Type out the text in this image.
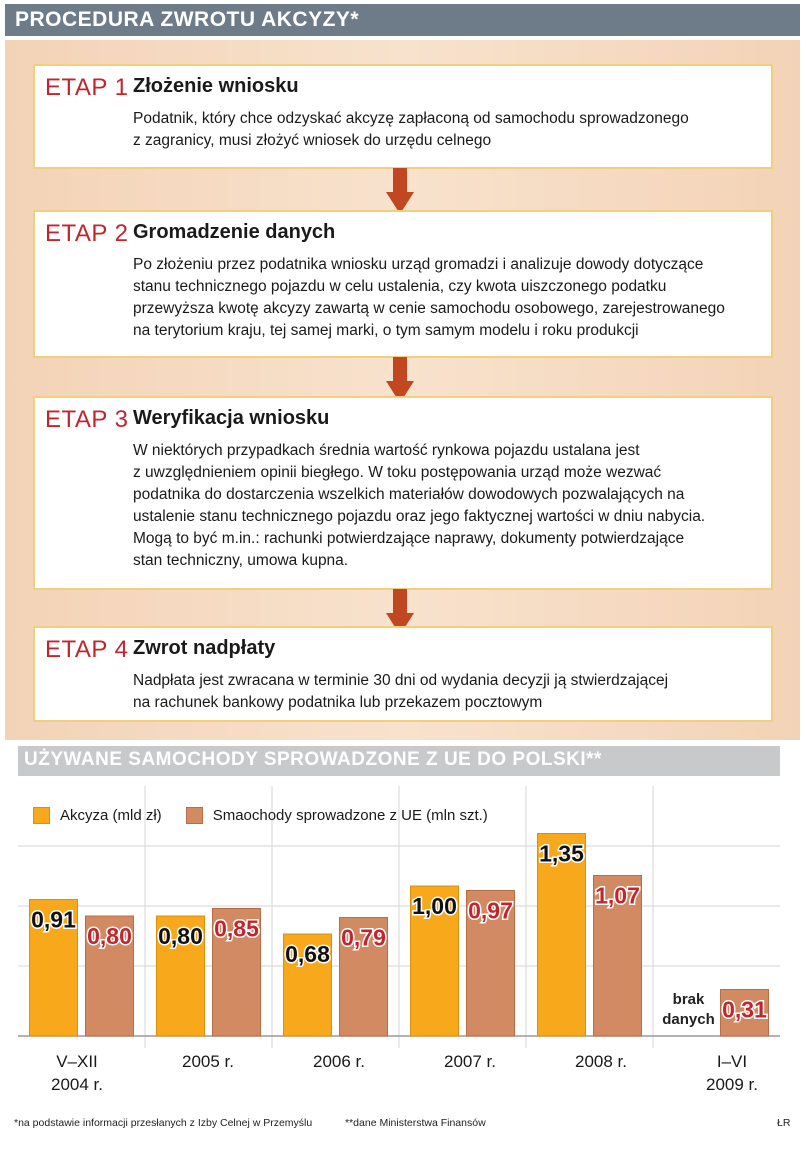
PROCEDURA ZWROTU AKCYZY*
ETAP 1 Złożenie wniosku
Podatnik, który chce odzyskać akcyzę zapłaconą od samochodu sprowadzonego
z zagranicy, musi złożyć wniosek do urzędu celnego
ETAP 2 Gromadzenie danych
Po złożeniu przez podatnika wniosku urząd gromadzi i analizuje dowody dotyczące
stanu technicznego pojazdu w celu ustalenia, czy kwota uiszczonego podatku
przewyższa kwotę akcyzy zawartą w cenie samochodu osobowego, zarejestrowanego
na terytorium kraju, tej samej marki, o tym samym modelu i roku produkcji
ETAP 3 Weryfikacja wniosku
W niektórych przypadkach średnia wartość rynkowa pojazdu ustalana jest
z uwzględnieniem opinii biegłego. W toku postępowania urząd może wezwać
podatnika do dostarczenia wszelkich materiałów dowodowych pozwalających na
ustalenie stanu technicznego pojazdu oraz jego faktycznej wartości w dniu nabycia.
Mogą to być m.in.: rachunki potwierdzające naprawy, dokumenty potwierdzające
stan techniczny, umowa kupna.
ETAP 4 Zwrot nadpłaty
Nadpłata jest zwracana w terminie 30 dni od wydania decyzji ją stwierdzającej
na rachunek bankowy podatnika lub przekazem pocztowym
UŻYWANE SAMOCHODY SPROWADZONE Z UE DO POLSKI**
0,91
0,80 0,80 0,85
0,68
0,79
1,00 0,97
1,35
1,07
brak
danych 0,31
Akcyza (mld zł)	Smaochody sprowadzone z UE (mln szt.)
V–XII
2004 r.
2005 r.	2006 r.	2007 r.	2008 r.	I–VI
2009 r.
*na podstawie informacji przesłanych z Izby Celnej w Przemyślu	**dane Ministerstwa Finansów	ŁR
